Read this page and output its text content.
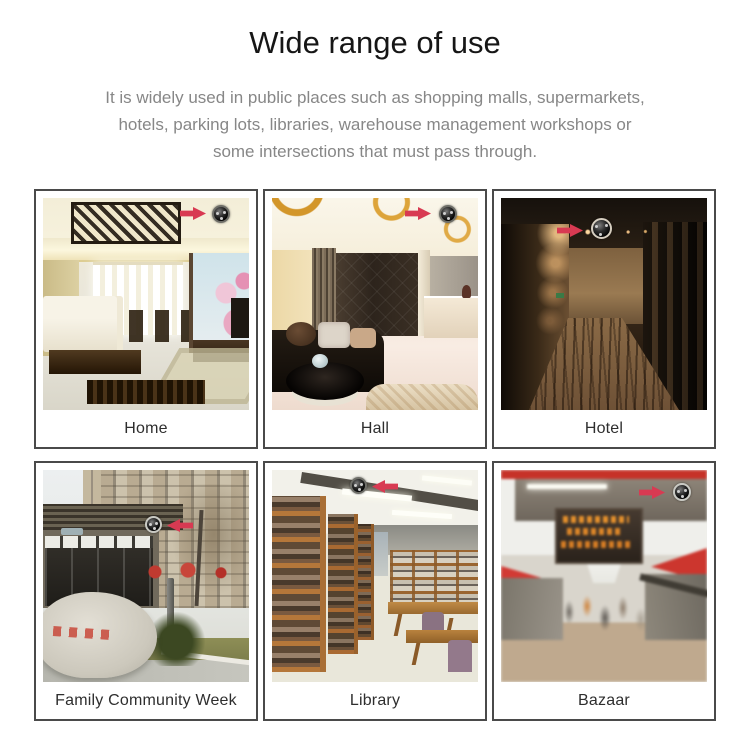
Wide range of use
It is widely used in public places such as shopping malls, supermarkets,
hotels, parking lots, libraries, warehouse management workshops or
some intersections that must pass through.
Home	Hall	Hotel
Family Community Week	Library	Bazaar
